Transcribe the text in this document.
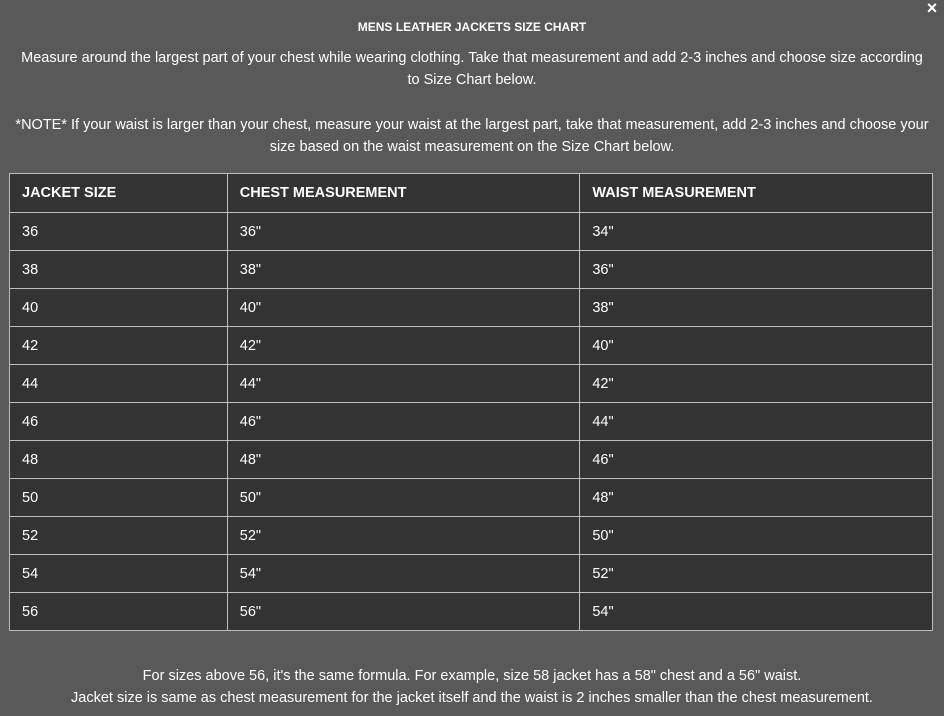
×
MENS LEATHER JACKETS SIZE CHART
Measure around the largest part of your chest while wearing clothing. Take that measurement and add 2-3 inches and choose size according to Size Chart below.
*NOTE* If your waist is larger than your chest, measure your waist at the largest part, take that measurement, add 2-3 inches and choose your size based on the waist measurement on the Size Chart below.
JACKET SIZE	CHEST MEASUREMENT	WAIST MEASUREMENT
36	36"	34"
38	38"	36"
40	40"	38"
42	42"	40"
44	44"	42"
46	46"	44"
48	48"	46"
50	50"	48"
52	52"	50"
54	54"	52"
56	56"	54"
For sizes above 56, it's the same formula. For example, size 58 jacket has a 58" chest and a 56" waist.
Jacket size is same as chest measurement for the jacket itself and the waist is 2 inches smaller than the chest measurement.
